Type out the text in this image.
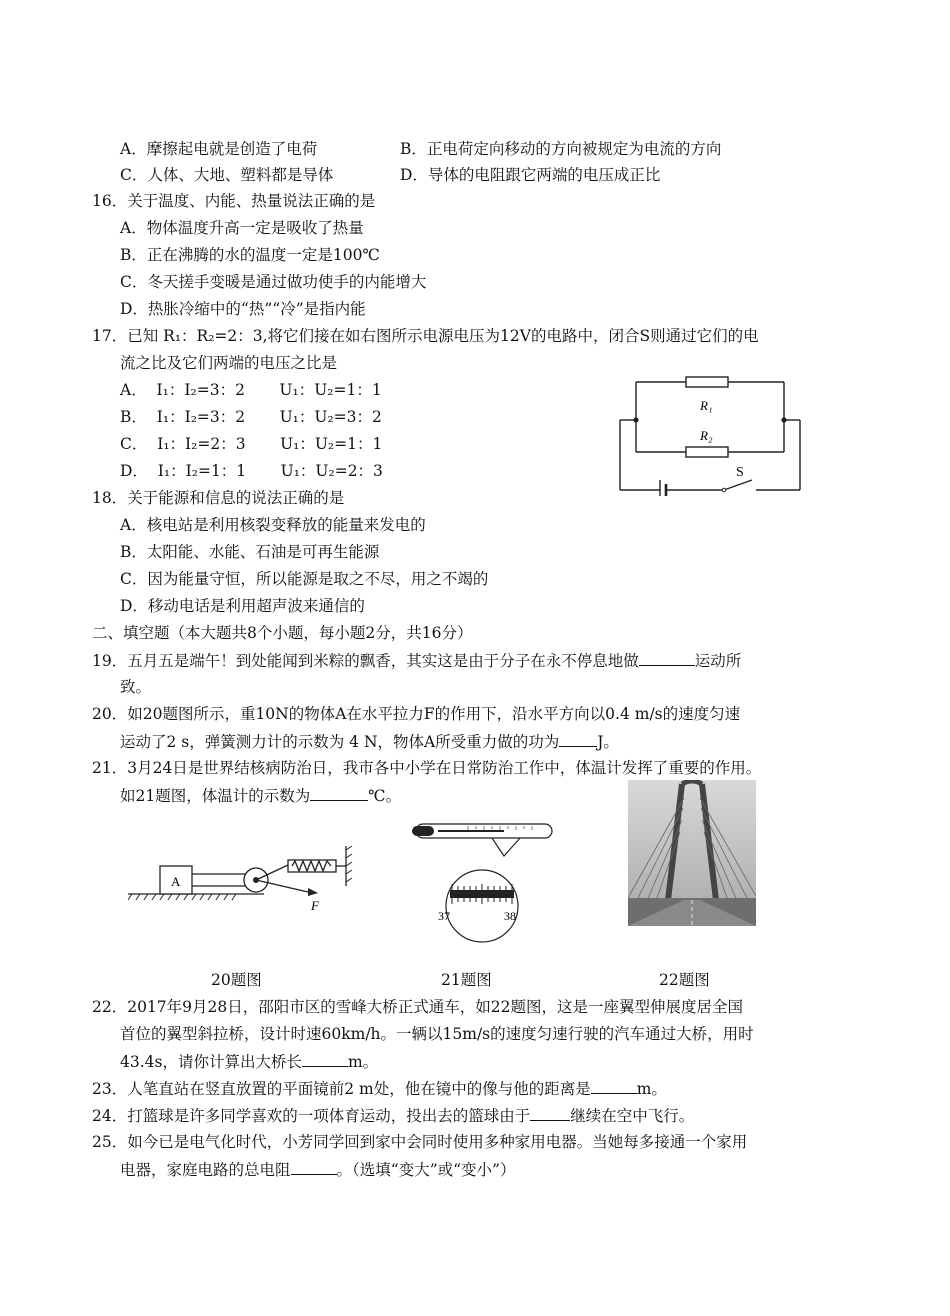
A．摩擦起电就是创造了电荷	B．正电荷定向移动的方向被规定为电流的方向
C．人体、大地、塑料都是导体	D．导体的电阻跟它两端的电压成正比
16．关于温度、内能、热量说法正确的是
A．物体温度升高一定是吸收了热量
B．正在沸腾的水的温度一定是100℃
C．冬天搓手变暖是通过做功使手的内能增大
D．热胀冷缩中的“热”“冷”是指内能
17．已知 R₁：R₂=2：3,将它们接在如右图所示电源电压为12V的电路中，闭合S则通过它们的电
流之比及它们两端的电压之比是
A．  I₁：I₂=3：2       U₁：U₂=1：1
B．  I₁：I₂=3：2       U₁：U₂=3：2
C．  I₁：I₂=2：3       U₁：U₂=1：1
D．  I₁：I₂=1：1       U₁：U₂=2：3
R₁
R₂
S
18．关于能源和信息的说法正确的是
A．核电站是利用核裂变释放的能量来发电的
B．太阳能、水能、石油是可再生能源
C．因为能量守恒，所以能源是取之不尽，用之不竭的
D．移动电话是利用超声波来通信的
二、填空题（本大题共8个小题，每小题2分，共16分）
19．五月五是端午！到处能闻到米粽的飘香，其实这是由于分子在永不停息地做	运动所
致。
20．如20题图所示，重10N的物体A在水平拉力F的作用下，沿水平方向以0.4 m/s的速度匀速
运动了2 s，弹簧测力计的示数为 4 N，物体A所受重力做的功为 J。
21．3月24日是世界结核病防治日，我市各中小学在日常防治工作中，体温计发挥了重要的作用。
如21题图，体温计的示数为	℃。
A
F
37	38
20题图	21题图	22题图
22．2017年9月28日，邵阳市区的雪峰大桥正式通车，如22题图，这是一座翼型伸展度居全国
首位的翼型斜拉桥，设计时速60km/h。一辆以15m/s的速度匀速行驶的汽车通过大桥，用时
43.4s，请你计算出大桥长	m。
23．人笔直站在竖直放置的平面镜前2 m处，他在镜中的像与他的距离是	m。
24．打篮球是许多同学喜欢的一项体育运动，投出去的篮球由于	继续在空中飞行。
25．如今已是电气化时代，小芳同学回到家中会同时使用多种家用电器。当她每多接通一个家用
电器，家庭电路的总电阻	。（选填“变大”或“变小”）
